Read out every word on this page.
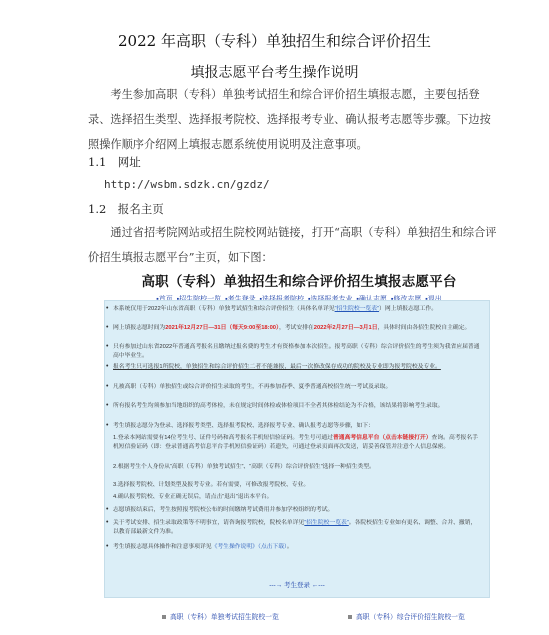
2022 年高职（专科）单独招生和综合评价招生
填报志愿平台考生操作说明
考生参加高职（专科）单独考试招生和综合评价招生填报志愿，主要包括登录、选择招生类型、选择报考院校、选择报考专业、确认报考志愿等步骤。下边按照操作顺序介绍网上填报志愿系统使用说明及注意事项。
1.1　网址
http://wsbm.sdzk.cn/gzdz/
1.2　报名主页
通过省招考院网站或招生院校网站链接，打开“高职（专科）单独招生和综合评价招生填报志愿平台”主页，如下图：
高职（专科）单独招生和综合评价招生填报志愿平台
• 本系统仅用于2022年山东省高职（专科）单独考试招生和综合评价招生（具体名单详见“招生院校一览表”）网上填报志愿工作。
• 网上填报志愿时间为2021年12月27日—31日（每天9:00至18:00），考试安排在2022年2月27日—3月1日，具体时间由各招生院校自主确定。
• 只有参加过山东省2022年普通高考报名且缴纳过报名费的考生才有资格参加本次招生。报考高职（专科）综合评价招生的考生须为我省应届普通高中毕业生。
• 报名考生只可选报1所院校，单独招生和综合评价招生二者不能兼报，最后一次修改保存成功的院校及专业即为报考院校及专业。
• 凡被高职（专科）单独招生或综合评价招生录取的考生，不再参加春季、夏季普通高校招生统一考试及录取。
• 所有报名考生均须参加当地组织的高考体检，未在规定时间体检或体检项目不全者其体检结论为不合格，该结果将影响考生录取。
• 考生填报志愿分为登录、选择报考类型、选择报考院校、选择报考专业、确认报考志愿等步骤，如下：
1.登录本网站需要有14位考生号、证件号码和高考报名手机短信验证码。考生号可通过普通高考信息平台（点击本链接打开）查询。高考报名手机短信验证码（即：登录普通高考信息平台手机短信验证码）若遗失，可通过登录页面再次发送，请妥善保管并注意个人信息保密。
2.根据考生个人身份从“高职（专科）单独考试招生”、“高职（专科）综合评价招生”选择一种招生类型。
3.选择报考院校、计划类型及报考专业。若有需要，可修改报考院校、专业。
4.确认报考院校、专业正确无误后，请点击“退出”退出本平台。
• 志愿填报结束后，考生按照报考院校公布的时间缴纳考试费用并参加学校组织的考试。
• 关于考试安排、招生录取政策等不明事宜，请咨询报考院校，院校名单详见“招生院校一览表”。各院校招生专业如有更名、调整、合并、撤销，以教育部最新文件为准。
• 考生填报志愿具体操作和注意事项详见《考生操作说明》（点击下载）。
---→ 考生登录 ←---
高职（专科）单独考试招生院校一览	高职（专科）综合评价招生院校一览
